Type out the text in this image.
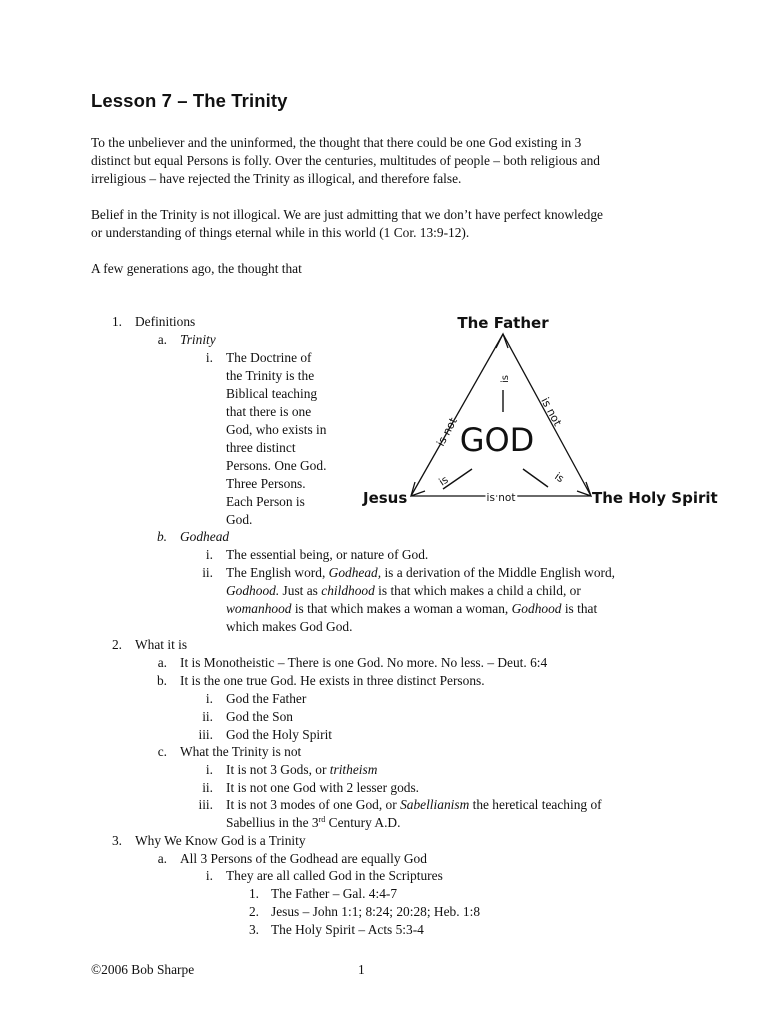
Lesson 7 – The Trinity
To the unbeliever and the uninformed, the thought that there could be one God existing in 3
distinct but equal Persons is folly. Over the centuries, multitudes of people – both religious and
irreligious – have rejected the Trinity as illogical, and therefore false.
Belief in the Trinity is not illogical. We are just admitting that we don’t have perfect knowledge
or understanding of things eternal while in this world (1 Cor. 13:9-12).
A few generations ago, the thought that
1. Definitions
a. Trinity
i. The Doctrine of
the Trinity is the
Biblical teaching
that there is one
God, who exists in
three distinct
Persons. One God.
Three Persons.
Each Person is
God.
b. Godhead
i. The essential being, or nature of God.
ii. The English word, Godhead, is a derivation of the Middle English word,
Godhood. Just as childhood is that which makes a child a child, or
womanhood is that which makes a woman a woman, Godhood is that
which makes God God.
2. What it is
a. It is Monotheistic – There is one God. No more. No less. – Deut. 6:4
b. It is the one true God. He exists in three distinct Persons.
i. God the Father
ii. God the Son
iii. God the Holy Spirit
c. What the Trinity is not
i. It is not 3 Gods, or tritheism
ii. It is not one God with 2 lesser gods.
iii. It is not 3 modes of one God, or Sabellianism the heretical teaching of
Sabellius in the 3rd Century A.D.
3. Why We Know God is a Trinity
a. All 3 Persons of the Godhead are equally God
i. They are all called God in the Scriptures
1. The Father – Gal. 4:4-7
2. Jesus – John 1:1; 8:24; 20:28; Heb. 1:8
3. The Holy Spirit – Acts 5:3-4
The Father
Jesus	The Holy Spirit
GOD
is
is	is
is not
is not
is not
©2006 Bob Sharpe	1
